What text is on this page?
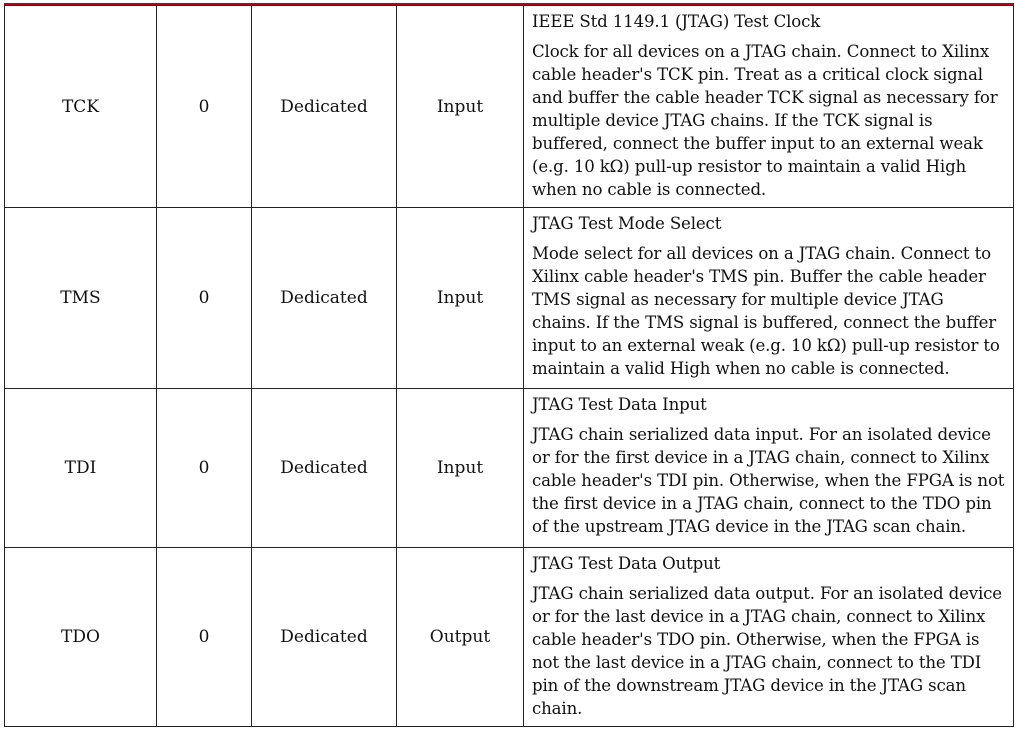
TCK	0	Dedicated	Input	IEEE Std 1149.1 (JTAG) Test Clock
Clock for all devices on a JTAG chain. Connect to Xilinx cable header's TCK pin. Treat as a critical clock signal and buffer the cable header TCK signal as necessary for multiple device JTAG chains. If the TCK signal is buffered, connect the buffer input to an external weak (e.g. 10 kΩ) pull-up resistor to maintain a valid High when no cable is connected.

TMS	0	Dedicated	Input	JTAG Test Mode Select
Mode select for all devices on a JTAG chain. Connect to Xilinx cable header's TMS pin. Buffer the cable header TMS signal as necessary for multiple device JTAG chains. If the TMS signal is buffered, connect the buffer input to an external weak (e.g. 10 kΩ) pull-up resistor to maintain a valid High when no cable is connected.

TDI	0	Dedicated	Input	JTAG Test Data Input
JTAG chain serialized data input. For an isolated device or for the first device in a JTAG chain, connect to Xilinx cable header's TDI pin. Otherwise, when the FPGA is not the first device in a JTAG chain, connect to the TDO pin of the upstream JTAG device in the JTAG scan chain.

TDO	0	Dedicated	Output	JTAG Test Data Output
JTAG chain serialized data output. For an isolated device or for the last device in a JTAG chain, connect to Xilinx cable header's TDO pin. Otherwise, when the FPGA is not the last device in a JTAG chain, connect to the TDI pin of the downstream JTAG device in the JTAG scan chain.
